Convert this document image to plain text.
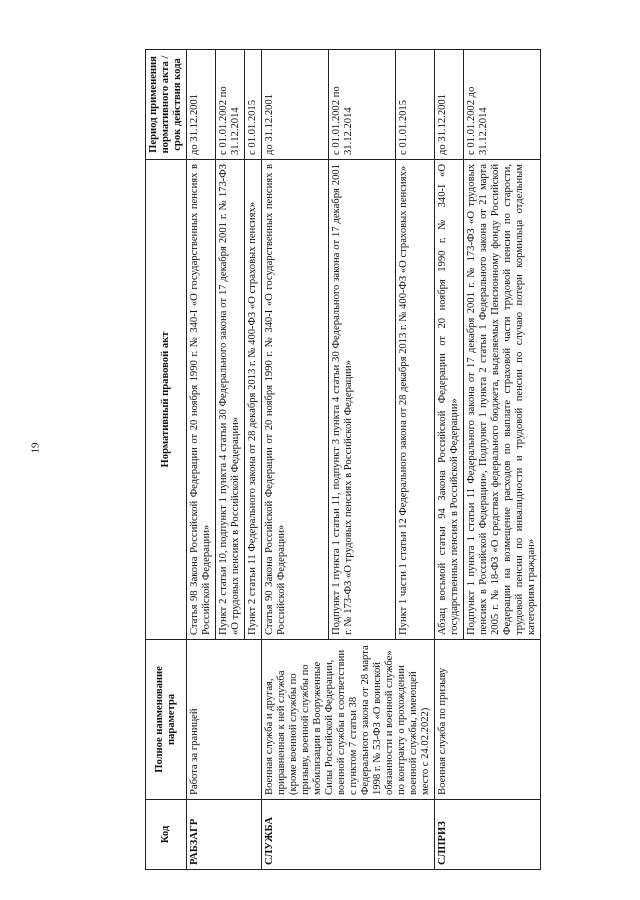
19
Код	Полное наименование параметра	Нормативный правовой акт	Период применения нормативного акта / срок действия кода
РАБЗАГР	Работа за границей	Статья 98 Закона Российской Федерации от 20 ноября 1990 г. № 340-I «О государственных пенсиях в Российской Федерации»	до 31.12.2001
		Пункт 2 статьи 10, подпункт 1 пункта 4 статьи 30 Федерального закона от 17 декабря 2001 г. № 173-ФЗ «О трудовых пенсиях в Российской Федерации»	с 01.01.2002 по 31.12.2014
		Пункт 2 статьи 11 Федерального закона от 28 декабря 2013 г. № 400-ФЗ «О страховых пенсиях»	с 01.01.2015
СЛУЖБА	Военная служба и другая, приравненная к ней служба (кроме военной службы по призыву, военной службы по мобилизации в Вооруженные Силы Российской Федерации, военной службы в соответствии с пунктом 7 статьи 38 Федерального закона от 28 марта 1998 г. № 53-ФЗ «О воинской обязанности и военной службе» по контракту о прохождении военной службы, имеющей место с 24.02.2022)	Статья 90 Закона Российской Федерации от 20 ноября 1990 г. № 340-I «О государственных пенсиях в Российской Федерации»	до 31.12.2001
		Подпункт 1 пункта 1 статьи 11, подпункт 3 пункта 4 статьи 30 Федерального закона от 17 декабря 2001 г. № 173-ФЗ «О трудовых пенсиях в Российской Федерации»	с 01.01.2002 по 31.12.2014
		Пункт 1 части 1 статьи 12 Федерального закона от 28 декабря 2013 г. № 400-ФЗ «О страховых пенсиях»	с 01.01.2015
СЛПРИЗ	Военная служба по призыву	Абзац восьмой статьи 94 Закона Российской Федерации от 20 ноября 1990 г. № 340-I «О государственных пенсиях в Российской Федерации»	до 31.12.2001
		Подпункт 1 пункта 1 статьи 11 Федерального закона от 17 декабря 2001 г. № 173-ФЗ «О трудовых пенсиях в Российской Федерации», Подпункт 1 пункта 2 статьи 1 Федерального закона от 21 марта 2005 г. № 18-ФЗ «О средствах федерального бюджета, выделяемых Пенсионному фонду Российской Федерации на возмещение расходов по выплате страховой части трудовой пенсии по старости, трудовой пенсии по инвалидности и трудовой пенсии по случаю потери кормильца отдельным категориям граждан»	с 01.01.2002 до 31.12.2014
